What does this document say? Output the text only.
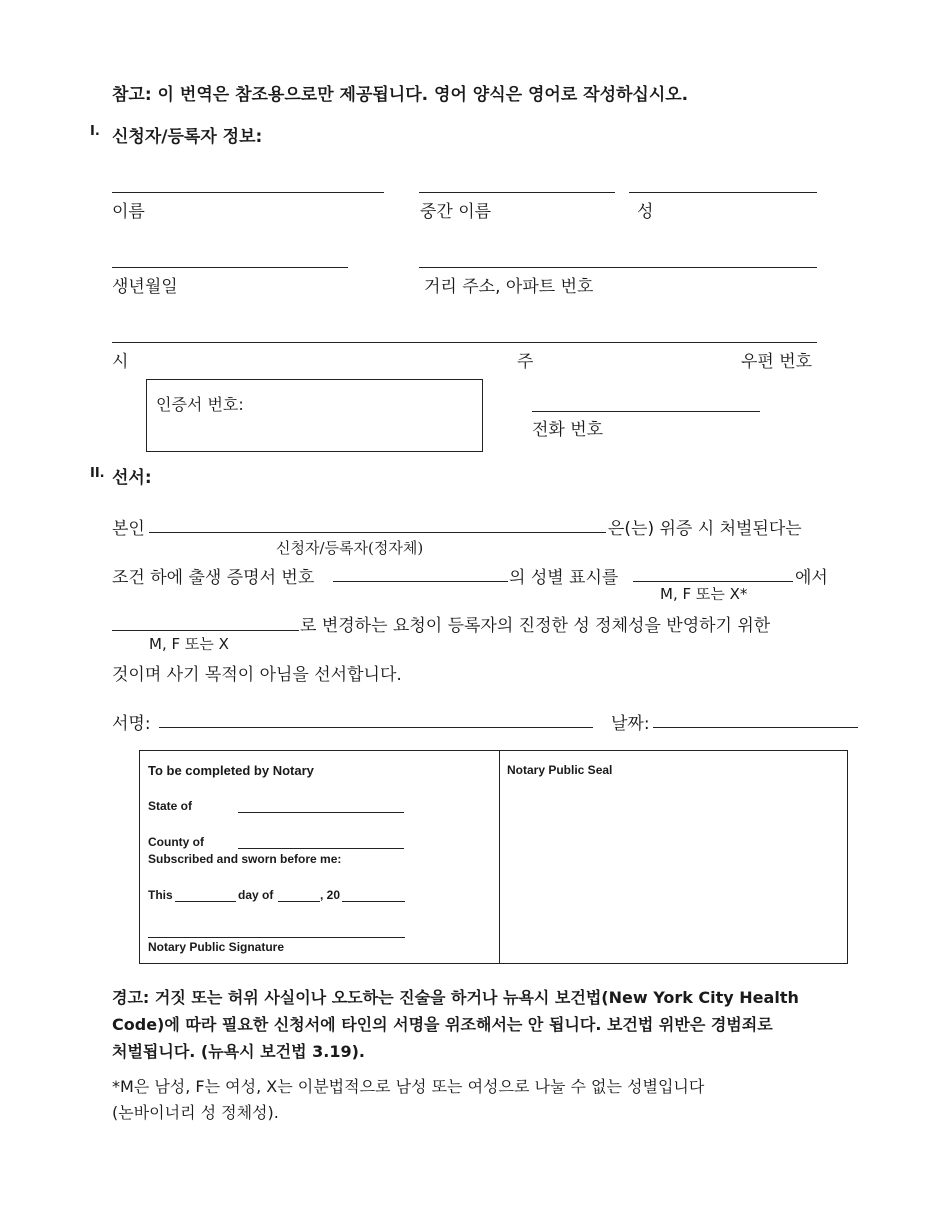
참고: 이 번역은 참조용으로만 제공됩니다. 영어 양식은 영어로 작성하십시오.
I. 신청자/등록자 정보:
이름	중간 이름	성
생년월일	거리 주소, 아파트 번호
시	주	우편 번호
인증서 번호:
전화 번호
II. 선서:
본인	은(는) 위증 시 처벌된다는
신청자/등록자(정자체)
조건 하에 출생 증명서 번호	의 성별 표시를	에서
M, F 또는 X*
로 변경하는 요청이 등록자의 진정한 성 정체성을 반영하기 위한
M, F 또는 X
것이며 사기 목적이 아님을 선서합니다.
서명:	날짜:
To be completed by Notary
State of
County of
Subscribed and sworn before me:
This	day of	, 20
Notary Public Signature
Notary Public Seal
경고: 거짓 또는 허위 사실이나 오도하는 진술을 하거나 뉴욕시 보건법(New York City Health
Code)에 따라 필요한 신청서에 타인의 서명을 위조해서는 안 됩니다. 보건법 위반은 경범죄로
처벌됩니다. (뉴욕시 보건법 3.19).
*M은 남성, F는 여성, X는 이분법적으로 남성 또는 여성으로 나눌 수 없는 성별입니다
(논바이너리 성 정체성).
